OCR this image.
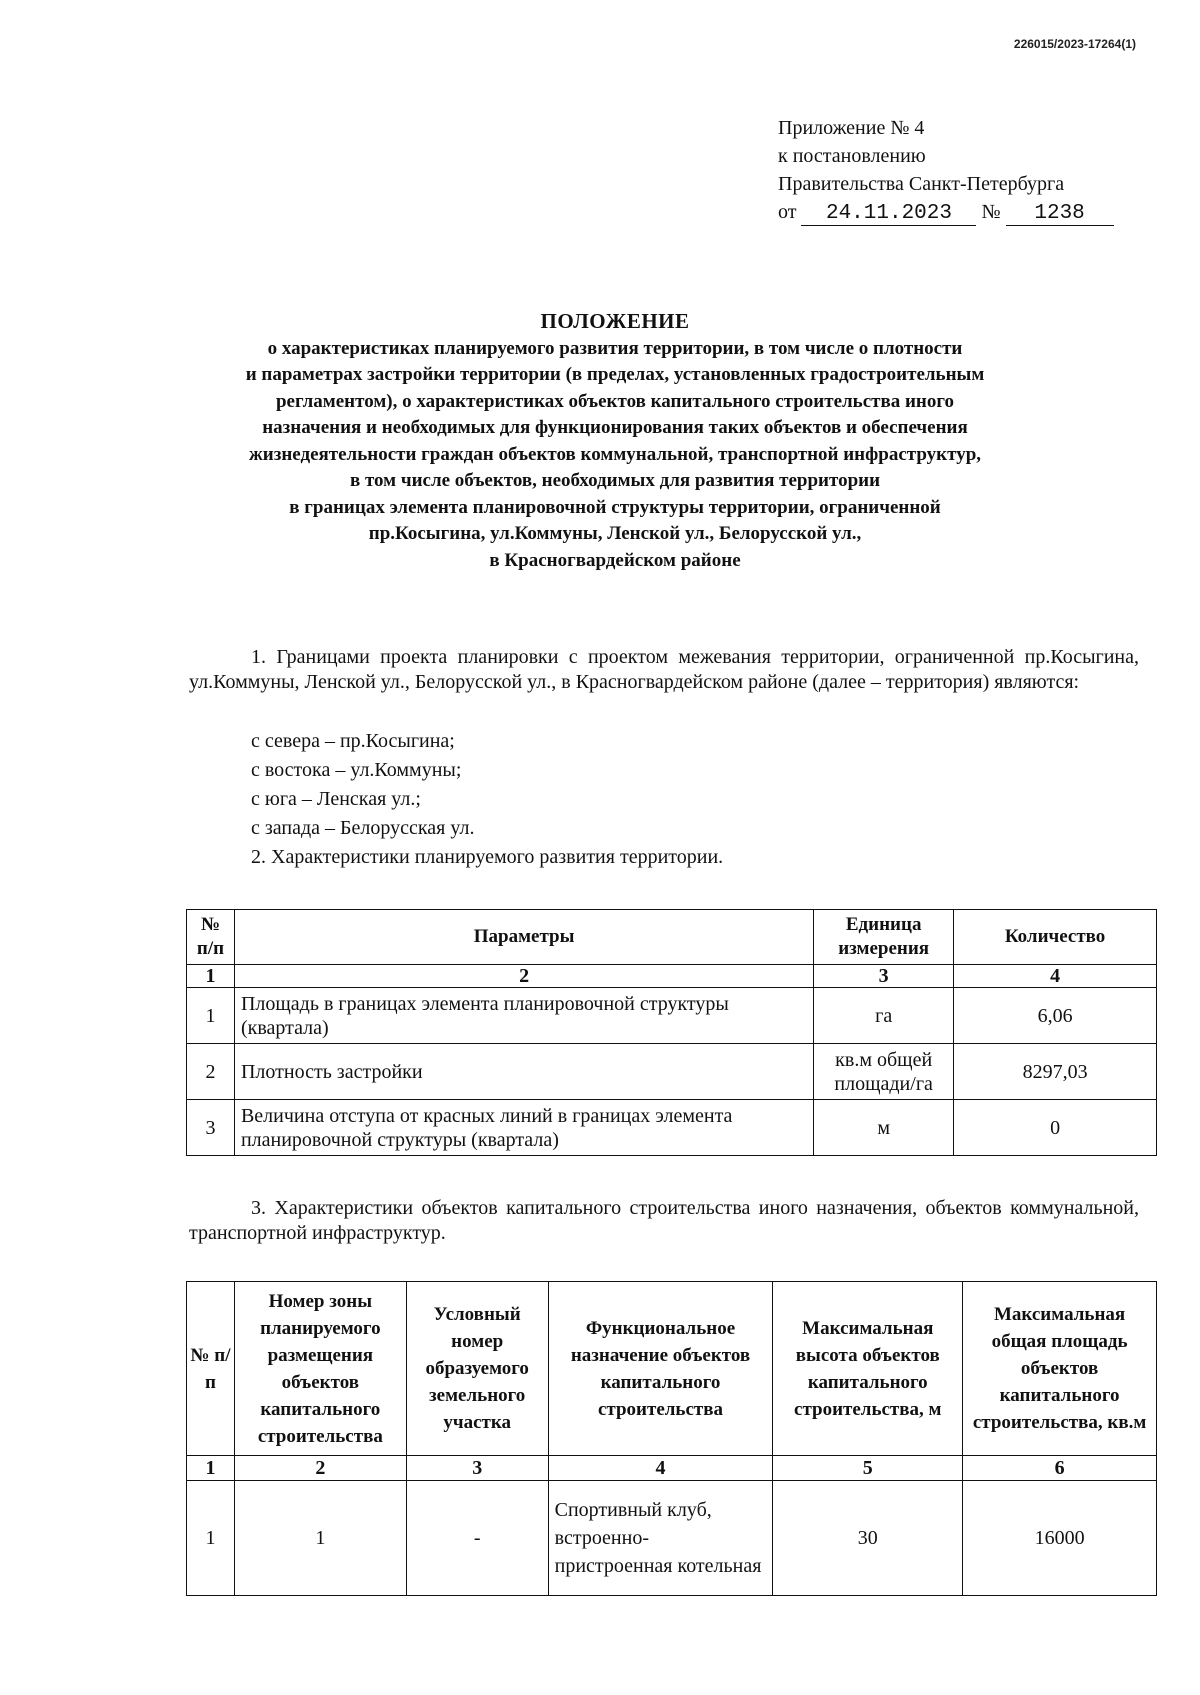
226015/2023-17264(1)
Приложение № 4
к постановлению
Правительства Санкт-Петербурга
от 24.11.2023 № 1238
ПОЛОЖЕНИЕ
о характеристиках планируемого развития территории, в том числе о плотности
и параметрах застройки территории (в пределах, установленных градостроительным
регламентом), о характеристиках объектов капитального строительства иного
назначения и необходимых для функционирования таких объектов и обеспечения
жизнедеятельности граждан объектов коммунальной, транспортной инфраструктур,
в том числе объектов, необходимых для развития территории
в границах элемента планировочной структуры территории, ограниченной
пр.Косыгина, ул.Коммуны, Ленской ул., Белорусской ул.,
в Красногвардейском районе
1. Границами проекта планировки с проектом межевания территории, ограниченной пр.Косыгина, ул.Коммуны, Ленской ул., Белорусской ул., в Красногвардейском районе (далее – территория) являются:
с севера – пр.Косыгина;
с востока – ул.Коммуны;
с юга – Ленская ул.;
с запада – Белорусская ул.
2. Характеристики планируемого развития территории.
№ п/п	Параметры	Единица измерения	Количество
1	2	3	4
1	Площадь в границах элемента планировочной структуры (квартала)	га	6,06
2	Плотность застройки	кв.м общей площади/га	8297,03
3	Величина отступа от красных линий в границах элемента планировочной структуры (квартала)	м	0
3. Характеристики объектов капитального строительства иного назначения, объектов коммунальной, транспортной инфраструктур.
№ п/п	Номер зоны планируемого размещения объектов капитального строительства	Условный номер образуемого земельного участка	Функциональное назначение объектов капитального строительства	Максимальная высота объектов капитального строительства, м	Максимальная общая площадь объектов капитального строительства, кв.м
1	2	3	4	5	6
1	1	-	Спортивный клуб, встроенно-пристроенная котельная	30	16000
